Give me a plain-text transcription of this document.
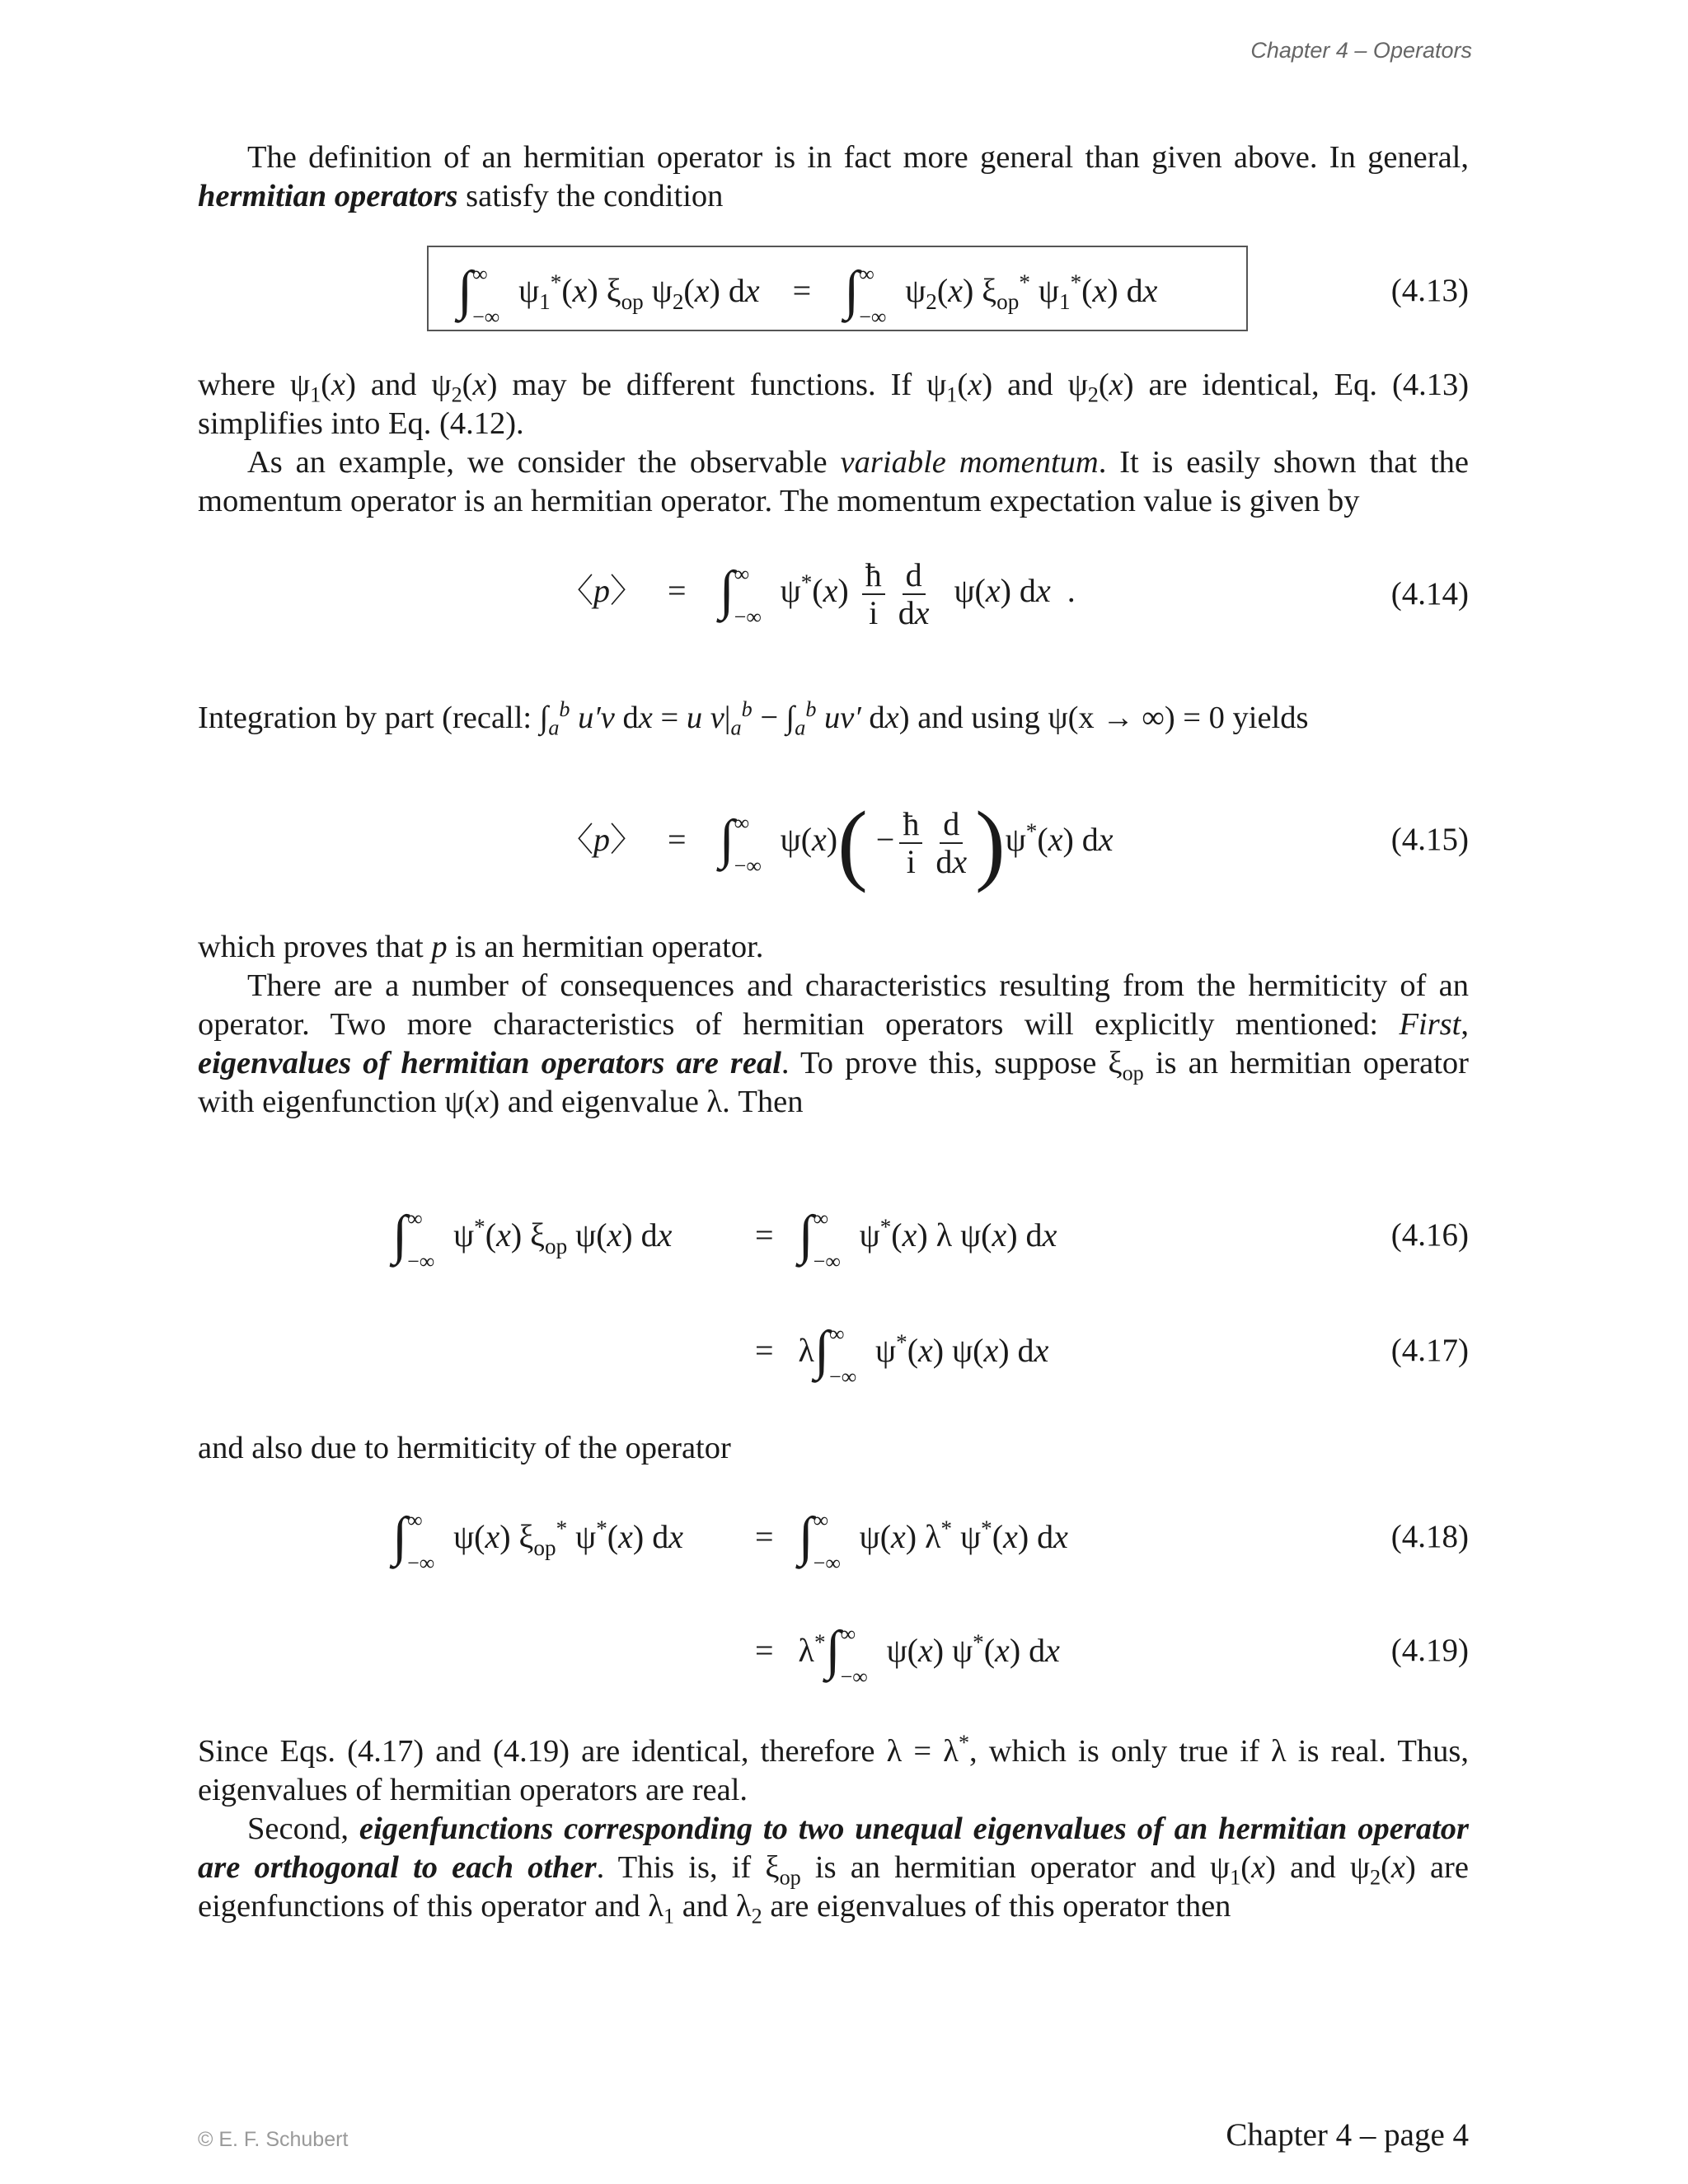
Chapter 4 – Operators
The definition of an hermitian operator is in fact more general than given above. In general, hermitian operators satisfy the condition
∫ ∞
−∞
$\psi_1^*(x)$ $\xi_{op}$ $\psi_2(x)$ dx    =    ∫ ∞
−∞
$\psi_2(x)$ $\xi_{op}^*$ $\psi_1^*(x)$ dx	(4.13)
where $\psi_1(x)$ and $\psi_2(x)$ may be different functions. If $\psi_1(x)$ and $\psi_2(x)$ are identical, Eq. (4.13) simplifies into Eq. (4.12).
As an example, we consider the observable variable momentum. It is easily shown that the momentum operator is an hermitian operator. The momentum expectation value is given by
〈p〉   =    ∫ ∞
−∞
$\psi^*(x) \frac{ħ}{i} \frac{d}{dx} \psi(x)$ dx  .	(4.14)
Integration by part (recall: $\int_a^b$ u′v dx = u $v|_a^b - \int_a^b$ uv′ dx) and using ψ(x → ∞) = 0 yields
〈p〉   =    ∫ ∞
−∞
$\psi(x)( - \frac{ħ}{i} \frac{d}{dx} )\psi^*(x)$ dx	(4.15)
which proves that p is an hermitian operator.
There are a number of consequences and characteristics resulting from the hermiticity of an operator. Two more characteristics of hermitian operators will explicitly mentioned: First, eigenvalues of hermitian operators are real. To prove this, suppose $\xi_{op}$ is an hermitian operator with eigenfunction ψ(x) and eigenvalue λ. Then
∫ ∞
−∞
ψ*(x) $\xi_{op}$ ψ(x) dx	=   ∫ ∞
−∞
ψ*(x) λ ψ(x) dx	(4.16)
=   λ∫ ∞
−∞
ψ*(x) ψ(x) dx	(4.17)
and also due to hermiticity of the operator
∫ ∞
−∞
ψ(x) $\xi_{op}^*$ ψ*(x) dx =   ∫ ∞
−∞
ψ(x) λ* ψ*(x) dx	(4.18)
=   λ*∫ ∞
−∞
ψ(x) ψ*(x) dx	(4.19)
Since Eqs. (4.17) and (4.19) are identical, therefore λ = λ*, which is only true if λ is real. Thus, eigenvalues of hermitian operators are real.
Second, eigenfunctions corresponding to two unequal eigenvalues of an hermitian operator are orthogonal to each other. This is, if $\xi_{op}$ is an hermitian operator and $\psi_1(x)$ and $\psi_2(x)$ are eigenfunctions of this operator and $\lambda_1$ and $\lambda_2$ are eigenvalues of this operator then
© E. F. Schubert	Chapter 4 – page 4
